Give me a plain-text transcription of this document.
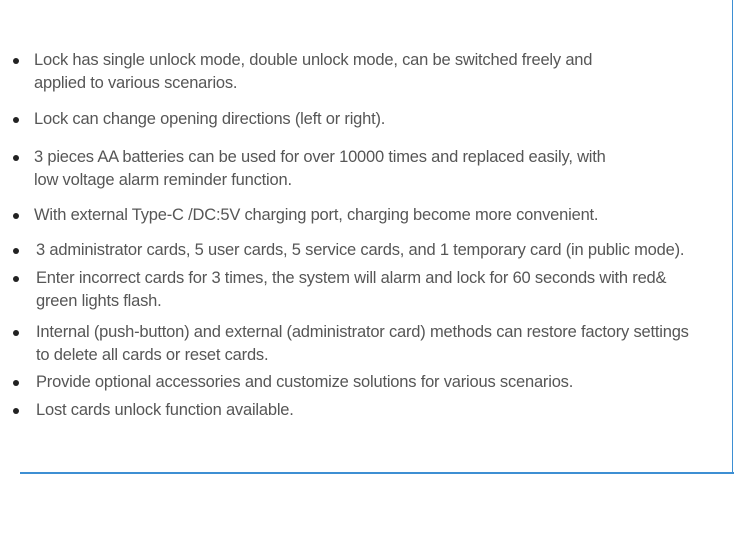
Lock has single unlock mode, double unlock mode, can be switched freely and
applied to various scenarios.
Lock can change opening directions (left or right).
3 pieces AA batteries can be used for over 10000 times and replaced easily, with
low voltage alarm reminder function.
With external Type-C /DC:5V charging port, charging become more convenient.
3 administrator cards, 5 user cards, 5 service cards, and 1 temporary card (in public mode).
Enter incorrect cards for 3 times, the system will alarm and lock for 60 seconds with red&
green lights flash.
Internal (push-button) and external (administrator card) methods can restore factory settings
to delete all cards or reset cards.
Provide optional accessories and customize solutions for various scenarios.
Lost cards unlock function available.
